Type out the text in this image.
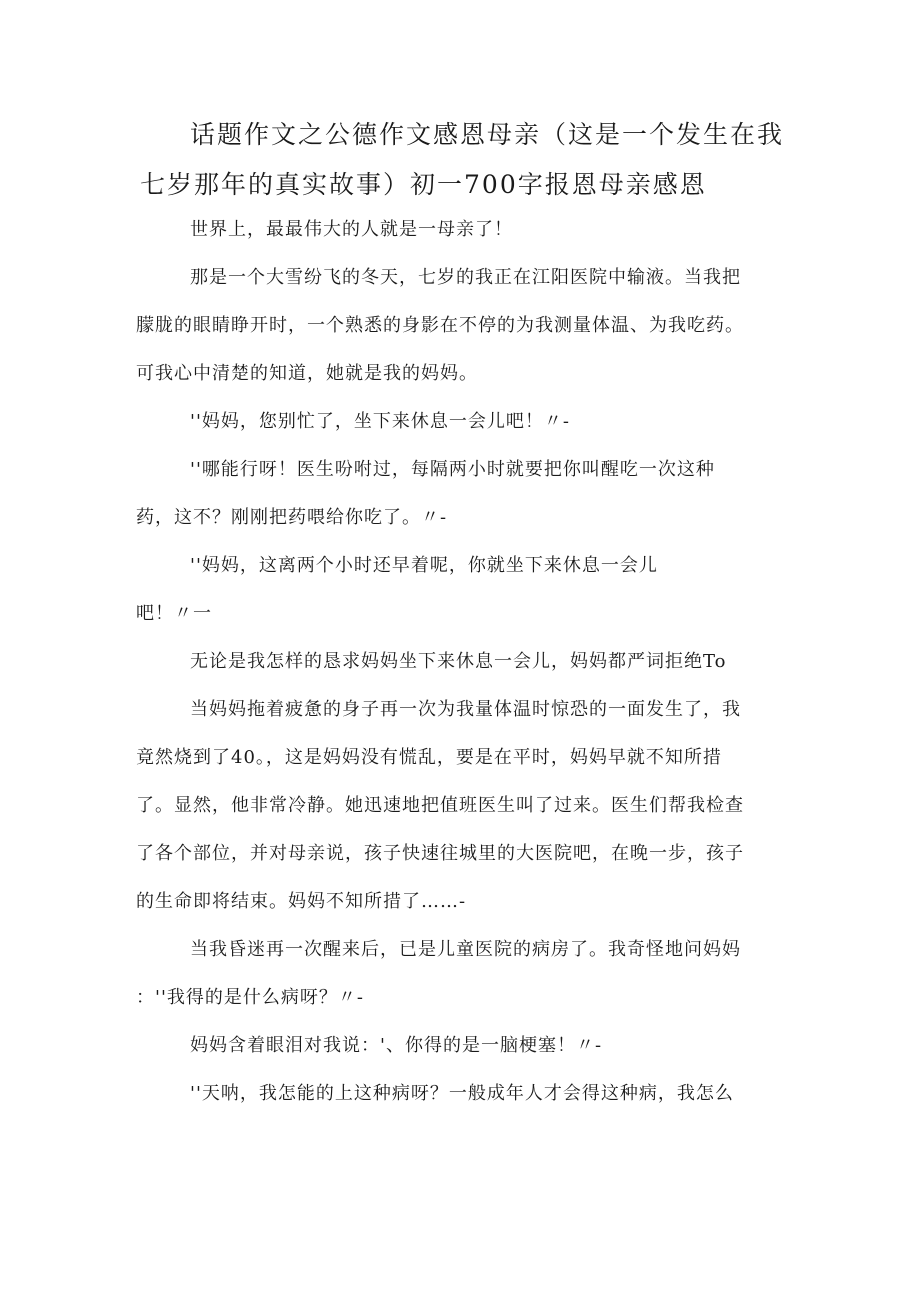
话题作文之公德作文感恩母亲（这是一个发生在我
七岁那年的真实故事）初一700字报恩母亲感恩
世界上，最最伟大的人就是一母亲了！
那是一个大雪纷飞的冬天，七岁的我正在江阳医院中输液。当我把
朦胧的眼睛睁开时，一个熟悉的身影在不停的为我测量体温、为我吃药。
可我心中清楚的知道，她就是我的妈妈。
''妈妈，您别忙了，坐下来休息一会儿吧！〃-
''哪能行呀！医生吩咐过，每隔两小时就要把你叫醒吃一次这种
药，这不？刚刚把药喂给你吃了。〃-
''妈妈，这离两个小时还早着呢，你就坐下来休息一会儿
吧！〃一
无论是我怎样的恳求妈妈坐下来休息一会儿，妈妈都严词拒绝To
当妈妈拖着疲惫的身子再一次为我量体温时惊恐的一面发生了，我
竟然烧到了40。，这是妈妈没有慌乱，要是在平时，妈妈早就不知所措
了。显然，他非常冷静。她迅速地把值班医生叫了过来。医生们帮我检查
了各个部位，并对母亲说，孩子快速往城里的大医院吧，在晚一步，孩子
的生命即将结束。妈妈不知所措了……-
当我昏迷再一次醒来后，已是儿童医院的病房了。我奇怪地问妈妈
：''我得的是什么病呀？〃-
妈妈含着眼泪对我说：'、你得的是一脑梗塞！〃-
''天呐，我怎能的上这种病呀？一般成年人才会得这种病，我怎么
